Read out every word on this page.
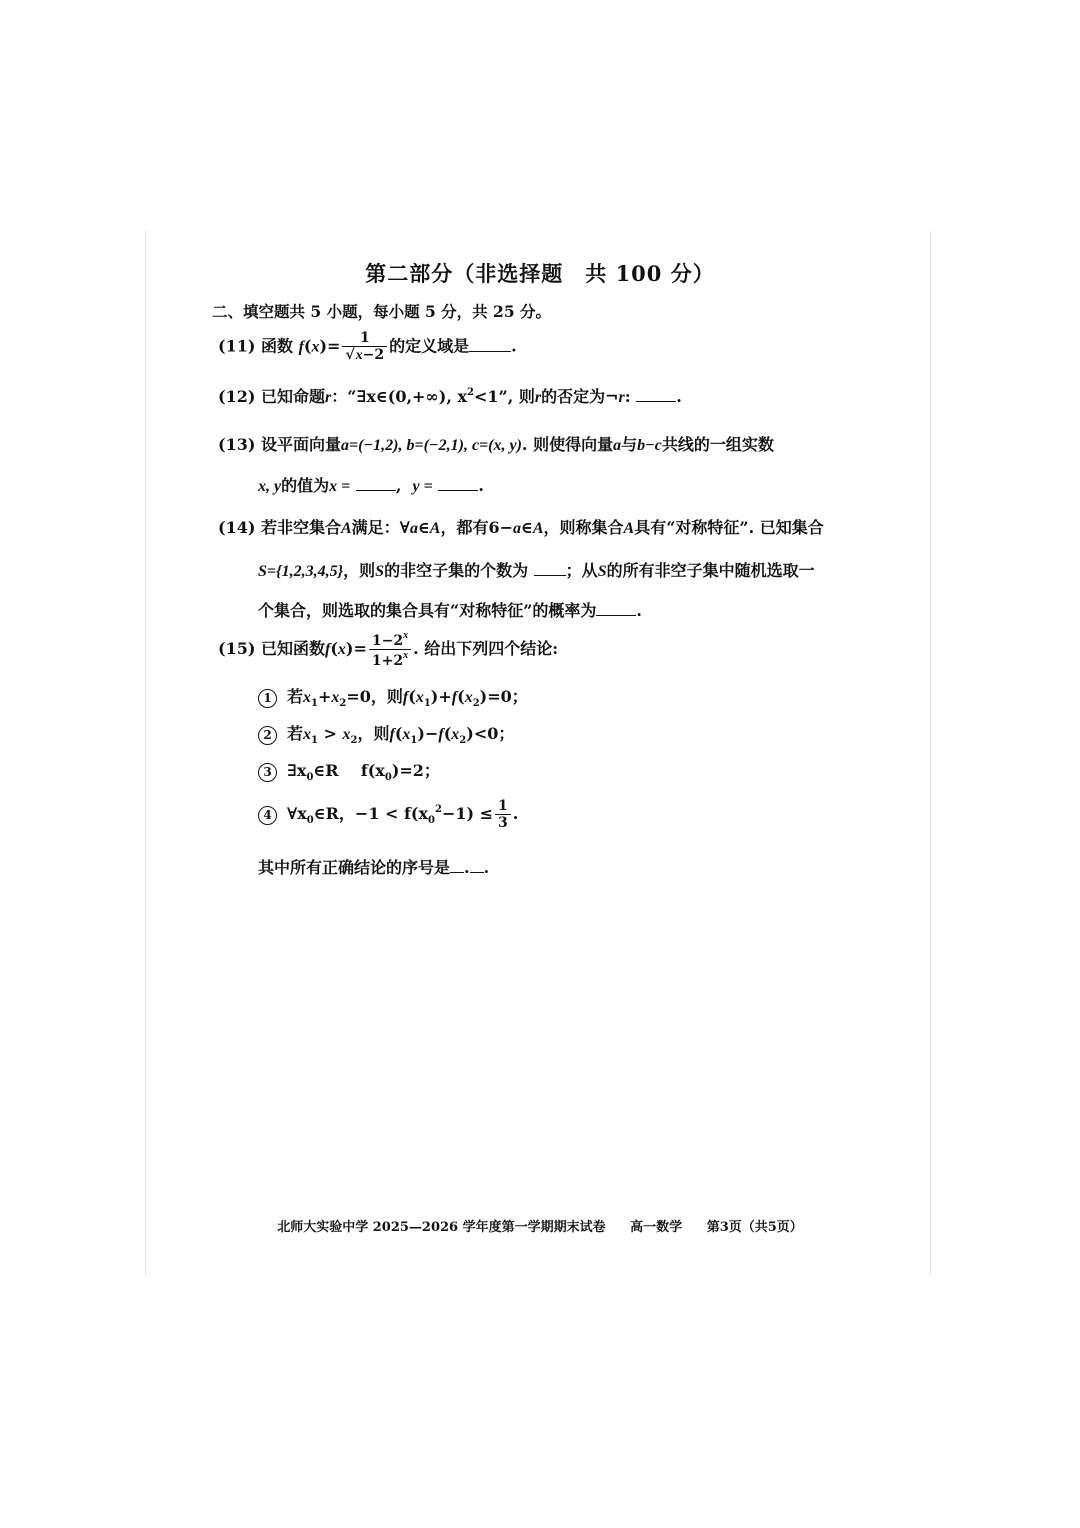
第二部分（非选择题　共 100 分）
二、填空题共 5 小题，每小题 5 分，共 25 分。
(11) 函数 $f(x)= \frac{1}{√x-2}$ 的定义域是	.
(12) 已知命题r：“∃x∈(0,+∞), $x^2<1$”, 则r的否定为¬r:	.
(13) 设平面向量a=(−1,2), b=(−2,1), c=(x, y). 则使得向量a与b−c共线的一组实数
x, y的值为x =	, y =	.
(14) 若非空集合A满足：∀a∈A，都有6−a∈A，则称集合A具有“对称特征”. 已知集合
S={1,2,3,4,5}，则S的非空子集的个数为 ；从S的所有非空子集中随机选取一
个集合，则选取的集合具有“对称特征”的概率为	.
(15) 已知函数$f(x)= \frac{1-2^x}{1+2^x}$ . 给出下列四个结论:
1 若$x_1+x_2=0$，则$f(x_1)+f(x_2)=0$；
2 若$x_1 > x_2$，则$f(x_1)-f(x_2)<0$；
3 $\exists x_0\in R$ $f(x_0)=2$；
4 $\forall x_0\in R$，$-1 < f(x_0^2-1) \le \frac{1}{3}$ .
其中所有正确结论的序号是 . .
北师大实验中学 2025—2026 学年度第一学期期末试卷 高一数学 第3页（共5页）
